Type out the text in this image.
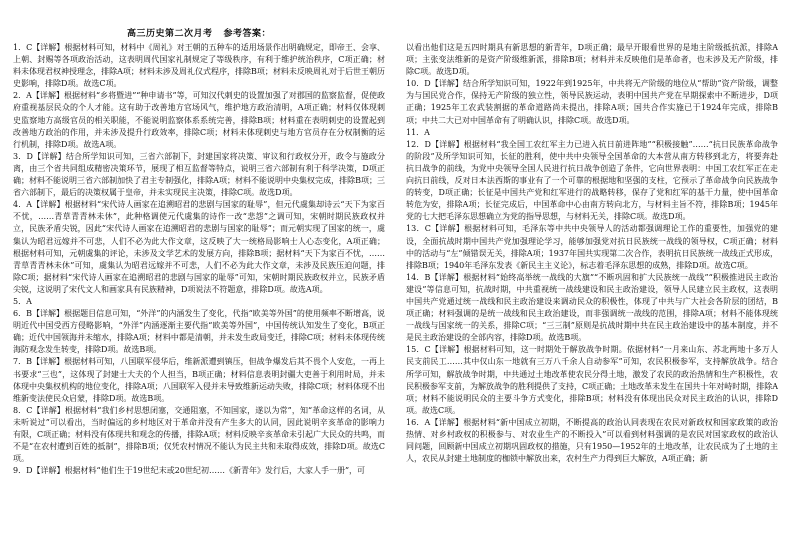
高三历史第二次月考   参考答案：

1．C【详解】根据材料可知，材料中《周礼》对王朝的五种车的适用场景作出明确规定，即帝王、会享、上朝、封赐等各项政治活动，这表明周代国家礼制规定了等级秩序，有利于维护统治秩序，C项正确；材料未体现君权神授理念，排除A项；材料未涉及周礼仪式程序，排除B项；材料未反映周礼对于后世王朝历史影响，排除D项。故选C项。

2．A【详解】根据材料“乡将暨进”“种申请书”等，可知汉代刺史的设置加强了对郡国的监察监督，促使政府重视基层民众的个人才能。这有助于改善地方官场风气，维护地方政治清明，A项正确；材料仅体现刺史监察地方高级官员的相关职能，不能说明监察体系系统完善，排除B项；材料重在表明刺史的设置起到改善地方政治的作用，并未涉及提升行政效率，排除C项；材料未体现刺史与地方官员存在分权制衡的运行机制，排除D项。故选A项。

3．D【详解】结合所学知识可知，三省六部制下，封建国家将决策、审议和行政权分开，政令与施政分离，由三个省共同组成精密决策环节，展现了相互监督等特点，说明三省六部制有利于科学决策，D项正确；材料不能说明三省六部制加快了君主专制强化，排除A项；材料不能说明中央集权完成，排除B项；三省六部制下，最后的决策权属于皇帝，并未实现民主决策，排除C项。故选D项。

4．A【详解】根据材料“宋代诗人画家在追溯昭君的悲剧与国家的耻辱”，但元代虞集却诗云“天下为家百不忧，……青草青青林未休”，此种格调使元代虞集的诗作一改“悲怨”之调可知，宋朝时期民族政权并立，民族矛盾尖锐，因此“宋代诗人画家在追溯昭君的悲剧与国家的耻辱”；而元朝实现了国家的统一，虞集认为昭君远嫁并不可悲，人们不必为此大作文章，这反映了大一统格局影响士人心态变化，A项正确；根据材料可知，元朝虞集的评论，未涉及文学艺术的发展方向，排除B项；据材料“天下为家百不忧，……青草青青林未休”可知，虞集认为昭君远嫁并不可悲，人们不必为此大作文章，未涉及民族压迫问题，排除C项；据材料“宋代诗人画家在追溯昭君的悲剧与国家的耻辱”可知，宋朝时期民族政权并立，民族矛盾尖锐，这说明了宋代文人和画家具有民族精神，D项说法不符题意，排除D项。故选A项。

5．A

6．B【详解】根据题目信息可知，“外洋”的内涵发生了变化，代指“欧美等外国”的使用频率不断增高，说明近代中国受西方侵略影响，“外洋”内涵逐渐主要代指“欧美等外国”，中国传统认知发生了变化，B项正确；近代中国领海并未缩水，排除A项；材料中都是清朝，并未发生政局变迁，排除C项；材料未体现传统海防观念发生转变，排除D项。故选B项。

7．B【详解】根据材料可知，八国联军侵华后，维新派遭到镇压，但战争爆发后其不畏个人安危，一再上书要求“三也”，这体现了封建士大夫的个人担当，B项正确；材料信息表明封疆大吏善于利用时局，并未体现中央集权机构的地位变化，排除A项；八国联军入侵并未导致维新运动失败，排除C项；材料体现不出维新变法使民众启蒙，排除D项。故选B项。

8．C【详解】根据材料“我们乡村思想闭塞，交通阻塞，不知国家，遂以为常”，知“革命这样的名词，从未听说过”可以看出，当时偏远的乡村地区对于革命并没有产生多大的认同，因此说明辛亥革命的影响力有限，C项正确；材料没有体现共和观念的传播，排除A项；材料反映辛亥革命未引起广大民众的共鸣，而不是“在农村遭到百姓的抵制”，排除B项；仅凭农村情况不能认为民主共和未取得成效，排除D项。故选C项。

9．D【详解】根据材料“他们生于19世纪末或20世纪初……《新青年》发行后，大家人手一册”，可

以看出他们这是五四时期具有新思想的新青年，D项正确；最早开眼看世界的是地主阶级抵抗派，排除A项；主张变法维新的是资产阶级维新派，排除B项；材料并未反映他们是革命者，也未涉及无产阶级，排除C项。故选D项。

10．D【详解】结合所学知识可知，1922年到1925年，中共将无产阶级的地位从“帮助”资产阶级，调整为与国民党合作，保持无产阶级的独立性，领导民族运动，表明中国共产党在早期探索中不断进步，D项正确；1925年工农武装割据的革命道路尚未提出，排除A项；国共合作实施已于1924年完成，排除B项；中共二大已对中国革命有了明确认识，排除C项。故选D项。

11．A

12．D【详解】根据材料“我全国工农红军主力已进入抗日前进阵地”“积极接触”……“抗日民族革命战争的阶段”及所学知识可知，长征的胜利，使中共中央领导全国革命的大本营从南方转移到北方，将要奔赴抗日战争的前线，为党中央领导全国人民进行抗日战争创造了条件，它向世界表明：中国工农红军正在走向抗日前线，反对日本法西斯的事业有了一个可靠的根据地和坚强的支柱，它预示了革命战争向民族战争的转变，D项正确；长征是中国共产党和红军进行的战略转移，保存了党和红军的基干力量，使中国革命转危为安，排除A项；长征完成后，中国革命中心由南方转向北方，与材料主旨不符，排除B项；1945年党的七大把毛泽东思想确立为党的指导思想，与材料无关，排除C项。故选D项。

13．C【详解】根据材料可知，毛泽东等中共中央领导人的活动都强调理论工作的重要性，加强党的建设，全面抗战时期中国共产党加强理论学习，能够加强党对抗日民族统一战线的领导权，C项正确；材料中的活动与“左”倾错误无关，排除A项；1937年国共实现第二次合作，表明抗日民族统一战线正式形成，排除B项；1940年毛泽东发表《新民主主义论》，标志着毛泽东思想的成熟，排除D项。故选C项。

14．B【详解】根据材料“始终高举统一战线的大旗”“不断巩固和扩大民族统一战线”“积极推进民主政治建设”等信息可知，抗战时期，中共重视统一战线建设和民主政治建设，领导人民建立民主政权，这表明中国共产党通过统一战线和民主政治建设来调动民众的积极性，体现了中共与广大社会各阶层的团结，B项正确；材料强调的是统一战线和民主政治建设，而非强调统一战线的范围，排除A项；材料不能体现统一战线与国家统一的关系，排除C项；“三三制”原则是抗战时期中共在民主政治建设中的基本制度，并不是民主政治建设的全部内容，排除D项。故选B项。

15．C【详解】根据材料可知，这一时期处于解放战争时期。依据材料“一月来山东、苏北两地十多万人民支前民工……其中仅山东一地就有三万八千余人自动参军”可知，农民积极参军，支持解放战争。结合所学可知，解放战争时期，中共通过土地改革使农民分得土地，激发了农民的政治热情和生产积极性，农民积极参军支前，为解放战争的胜利提供了支持，C项正确；土地改革未发生在国共十年对峙时期，排除A项；材料不能说明民众的主要斗争方式变化，排除B项；材料没有体现出民众对民主政治的认识，排除D项。故选C项。

16．A【详解】根据材料“新中国成立初期，不断提高的政治认同表现在农民对新政权和国家政策的政治热情、对乡村政权的积极参与、对农业生产的不断投入”可以看到材料强调的是农民对国家政权的政治认同问题，回顾新中国成立初期巩固政权的措施，只有1950—1952年的土地改革，让农民成为了土地的主人，农民从封建土地制度的枷锁中解放出来，农村生产力得到巨大解放，A项正确；新
